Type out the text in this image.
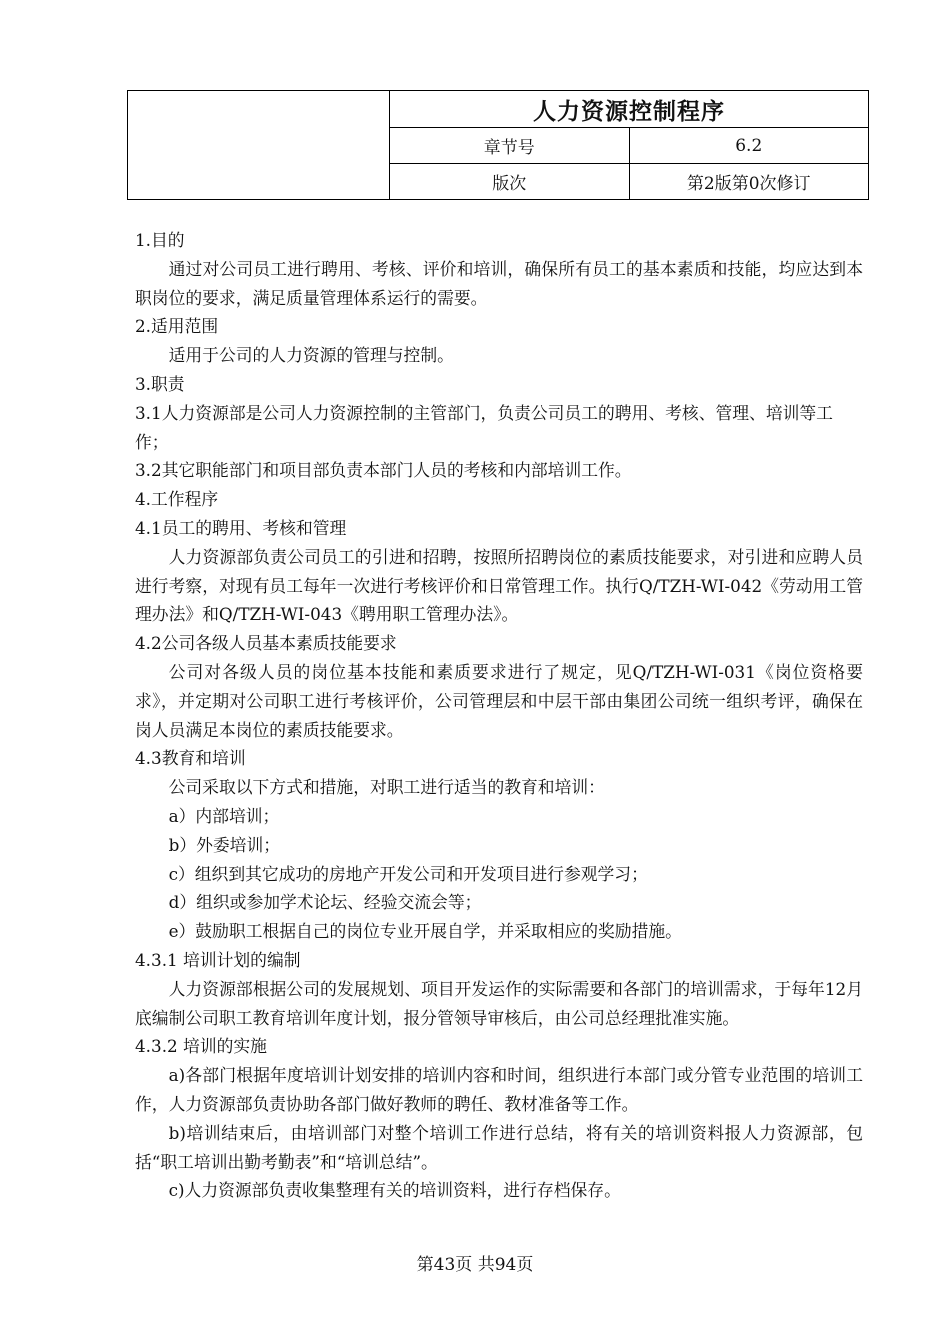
	人力资源控制程序	
	章节号	6.2
	版次	第2版第0次修订

1.目的

通过对公司员工进行聘用、考核、评价和培训，确保所有员工的基本素质和技能，均应达到本职岗位的要求，满足质量管理体系运行的需要。

2.适用范围

适用于公司的人力资源的管理与控制。

3.职责

3.1人力资源部是公司人力资源控制的主管部门，负责公司员工的聘用、考核、管理、培训等工作；

3.2其它职能部门和项目部负责本部门人员的考核和内部培训工作。

4.工作程序

4.1员工的聘用、考核和管理

人力资源部负责公司员工的引进和招聘，按照所招聘岗位的素质技能要求，对引进和应聘人员进行考察，对现有员工每年一次进行考核评价和日常管理工作。执行Q/TZH-WI-042《劳动用工管理办法》和Q/TZH-WI-043《聘用职工管理办法》。

4.2公司各级人员基本素质技能要求

公司对各级人员的岗位基本技能和素质要求进行了规定，见Q/TZH-WI-031《岗位资格要求》，并定期对公司职工进行考核评价，公司管理层和中层干部由集团公司统一组织考评，确保在岗人员满足本岗位的素质技能要求。

4.3教育和培训

公司采取以下方式和措施，对职工进行适当的教育和培训：

a）内部培训；

b）外委培训；

c）组织到其它成功的房地产开发公司和开发项目进行参观学习；

d）组织或参加学术论坛、经验交流会等；

e）鼓励职工根据自己的岗位专业开展自学，并采取相应的奖励措施。

4.3.1 培训计划的编制

人力资源部根据公司的发展规划、项目开发运作的实际需要和各部门的培训需求，于每年12月底编制公司职工教育培训年度计划，报分管领导审核后，由公司总经理批准实施。

4.3.2 培训的实施

a)各部门根据年度培训计划安排的培训内容和时间，组织进行本部门或分管专业范围的培训工作，人力资源部负责协助各部门做好教师的聘任、教材准备等工作。

b)培训结束后，由培训部门对整个培训工作进行总结，将有关的培训资料报人力资源部，包括“职工培训出勤考勤表”和“培训总结”。

c)人力资源部负责收集整理有关的培训资料，进行存档保存。

第43页 共94页
